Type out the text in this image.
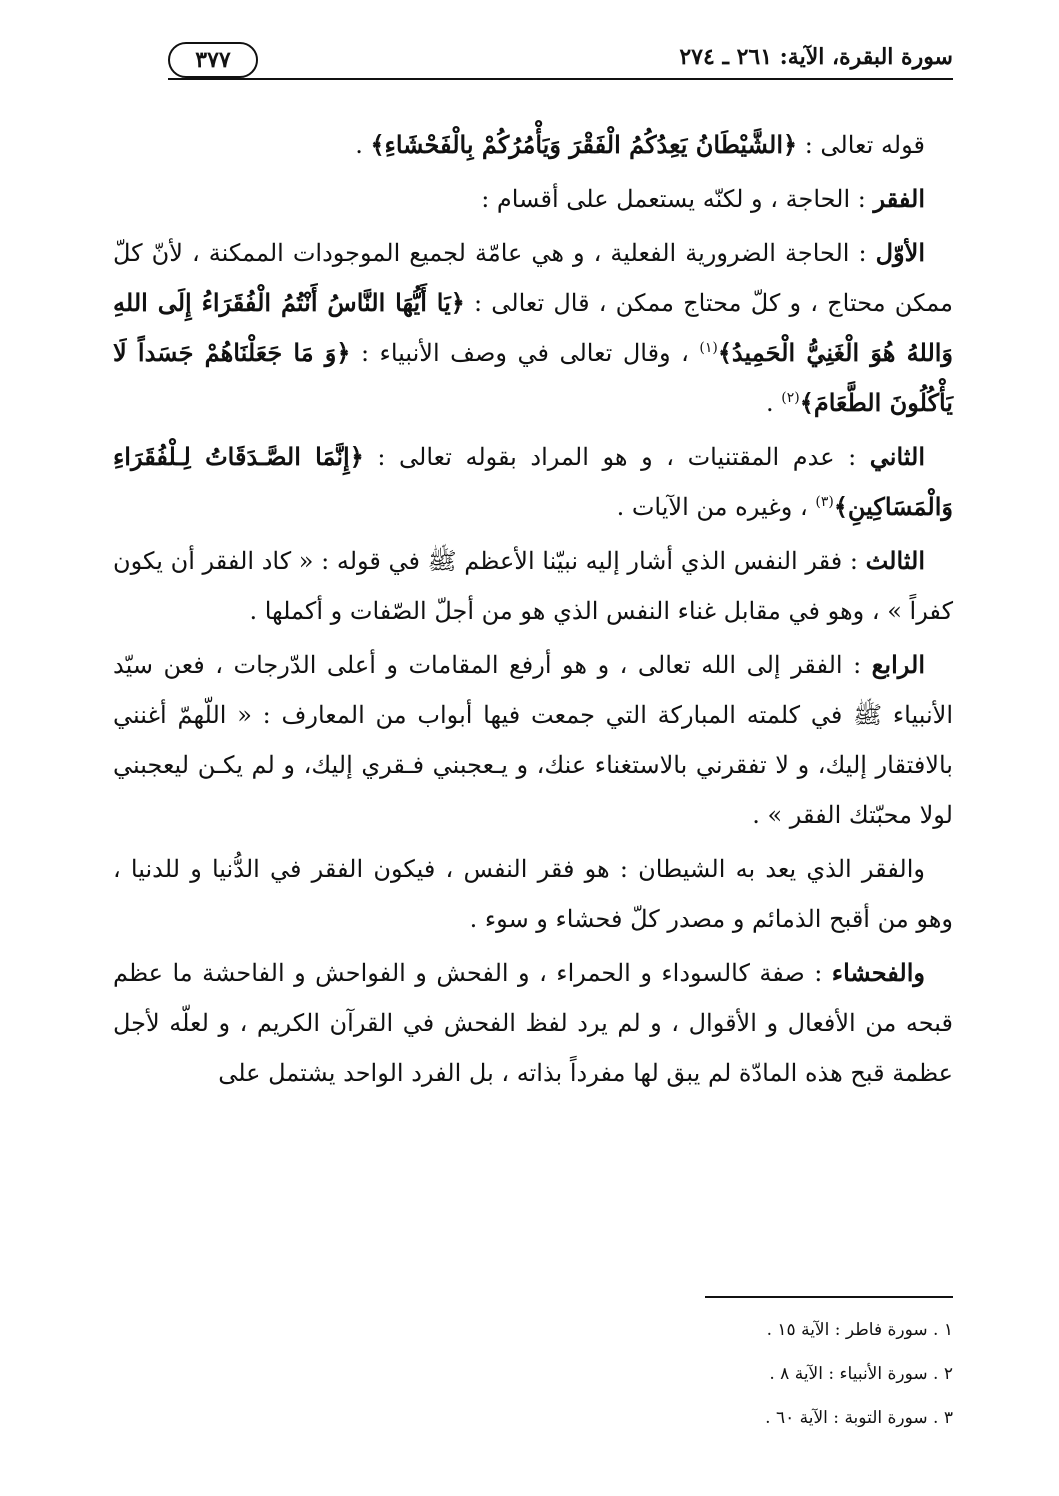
سورة البقرة، الآية: ٢٦١ ـ ٢٧٤
٣٧٧

قوله تعالى : ﴿الشَّيْطَانُ يَعِدُكُمُ الْفَقْرَ وَيَأْمُرُكُمْ بِالْفَحْشَاءِ﴾ .

الفقر : الحاجة ، و لكنّه يستعمل على أقسام :

الأوّل : الحاجة الضرورية الفعلية ، و هي عامّة لجميع الموجودات الممكنة ، لأنّ كلّ ممكن محتاج ، و كلّ محتاج ممكن ، قال تعالى : ﴿يَا أَيُّهَا النَّاسُ أَنْتُمُ الْفُقَرَاءُ إِلَى اللهِ وَاللهُ هُوَ الْغَنِيُّ الْحَمِيدُ﴾$^{(١)}$ ، وقال تعالى في وصف الأنبياء : ﴿وَ مَا جَعَلْنَاهُمْ جَسَداً لَا يَأْكُلُونَ الطَّعَامَ﴾$^{(٢)}$ .

الثاني : عدم المقتنيات ، و هو المراد بقوله تعالى : ﴿إِنَّمَا الصَّـدَقَاتُ لِـلْفُقَرَاءِ وَالْمَسَاكِينِ﴾$^{(٣)}$ ، وغيره من الآيات .

الثالث : فقر النفس الذي أشار إليه نبيّنا الأعظم ﷺ في قوله : « كاد الفقر أن يكون كفراً » ، وهو في مقابل غناء النفس الذي هو من أجلّ الصّفات و أكملها .

الرابع : الفقر إلى الله تعالى ، و هو أرفع المقامات و أعلى الدّرجات ، فعن سيّد الأنبياء ﷺ في كلمته المباركة التي جمعت فيها أبواب من المعارف : « اللّهمّ أغنني بالافتقار إليك، و لا تفقرني بالاستغناء عنك، و يـعجبني فـقري إليك، و لم يكـن ليعجبني لولا محبّتك الفقر » .

والفقر الذي يعد به الشيطان : هو فقر النفس ، فيكون الفقر في الدُّنيا و للدنيا ، وهو من أقبح الذمائم و مصدر كلّ فحشاء و سوء .

والفحشاء : صفة كالسوداء و الحمراء ، و الفحش و الفواحش و الفاحشة ما عظم قبحه من الأفعال و الأقوال ، و لم يرد لفظ الفحش في القرآن الكريم ، و لعلّه لأجل عظمة قبح هذه المادّة لم يبق لها مفرداً بذاته ، بل الفرد الواحد يشتمل على

١ . سورة فاطر : الآية ١٥ .
٢ . سورة الأنبياء : الآية ٨ .
٣ . سورة التوبة : الآية ٦٠ .
